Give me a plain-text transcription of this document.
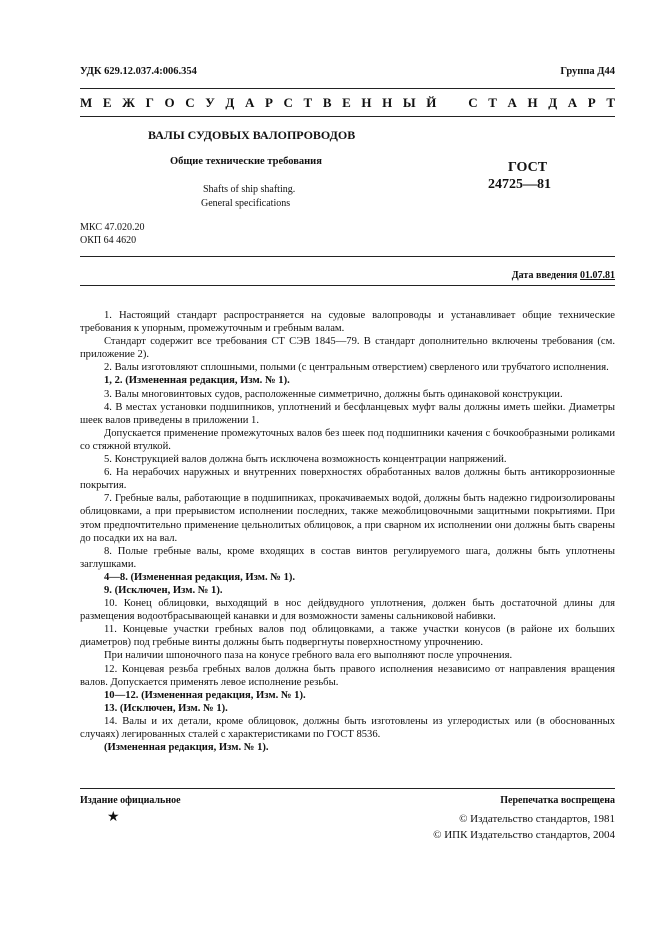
УДК 629.12.037.4:006.354	Группа Д44
М Е Ж Г О С У Д А Р С Т В Е Н Н Ы Й С Т А Н Д А Р Т
ВАЛЫ СУДОВЫХ ВАЛОПРОВОДОВ
Общие технические требования
Shafts of ship shafting.
General specifications
ГОСТ
24725—81
МКС 47.020.20
ОКП 64 4620
Дата введения 01.07.81

1. Настоящий стандарт распространяется на судовые валопроводы и устанавливает общие технические требования к упорным, промежуточным и гребным валам.

Стандарт содержит все требования СТ СЭВ 1845—79. В стандарт дополнительно включены требования (см. приложение 2).

2. Валы изготовляют сплошными, полыми (с центральным отверстием) сверленого или трубчатого исполнения.

1, 2. (Измененная редакция, Изм. № 1).

3. Валы многовинтовых судов, расположенные симметрично, должны быть одинаковой конструкции.

4. В местах установки подшипников, уплотнений и бесфланцевых муфт валы должны иметь шейки. Диаметры шеек валов приведены в приложении 1.

Допускается применение промежуточных валов без шеек под подшипники качения с бочкообразными роликами со стяжной втулкой.

5. Конструкцией валов должна быть исключена возможность концентрации напряжений.

6. На нерабочих наружных и внутренних поверхностях обработанных валов должны быть антикоррозионные покрытия.

7. Гребные валы, работающие в подшипниках, прокачиваемых водой, должны быть надежно гидроизолированы облицовками, а при прерывистом исполнении последних, также межоблицовочными защитными покрытиями. При этом предпочтительно применение цельнолитых облицовок, а при сварном их исполнении они должны быть сварены до посадки их на вал.

8. Полые гребные валы, кроме входящих в состав винтов регулируемого шага, должны быть уплотнены заглушками.

4—8. (Измененная редакция, Изм. № 1).

9. (Исключен, Изм. № 1).

10. Конец облицовки, выходящий в нос дейдвудного уплотнения, должен быть достаточной длины для размещения водоотбрасывающей канавки и для возможности замены сальниковой набивки.

11. Концевые участки гребных валов под облицовками, а также участки конусов (в районе их больших диаметров) под гребные винты должны быть подвергнуты поверхностному упрочнению.

При наличии шпоночного паза на конусе гребного вала его выполняют после упрочнения.

12. Концевая резьба гребных валов должна быть правого исполнения независимо от направления вращения валов. Допускается применять левое исполнение резьбы.

10—12. (Измененная редакция, Изм. № 1).

13. (Исключен, Изм. № 1).

14. Валы и их детали, кроме облицовок, должны быть изготовлены из углеродистых или (в обоснованных случаях) легированных сталей с характеристиками по ГОСТ 8536.

(Измененная редакция, Изм. № 1).

Издание официальное	Перепечатка воспрещена
★	© Издательство стандартов, 1981
© ИПК Издательство стандартов, 2004
